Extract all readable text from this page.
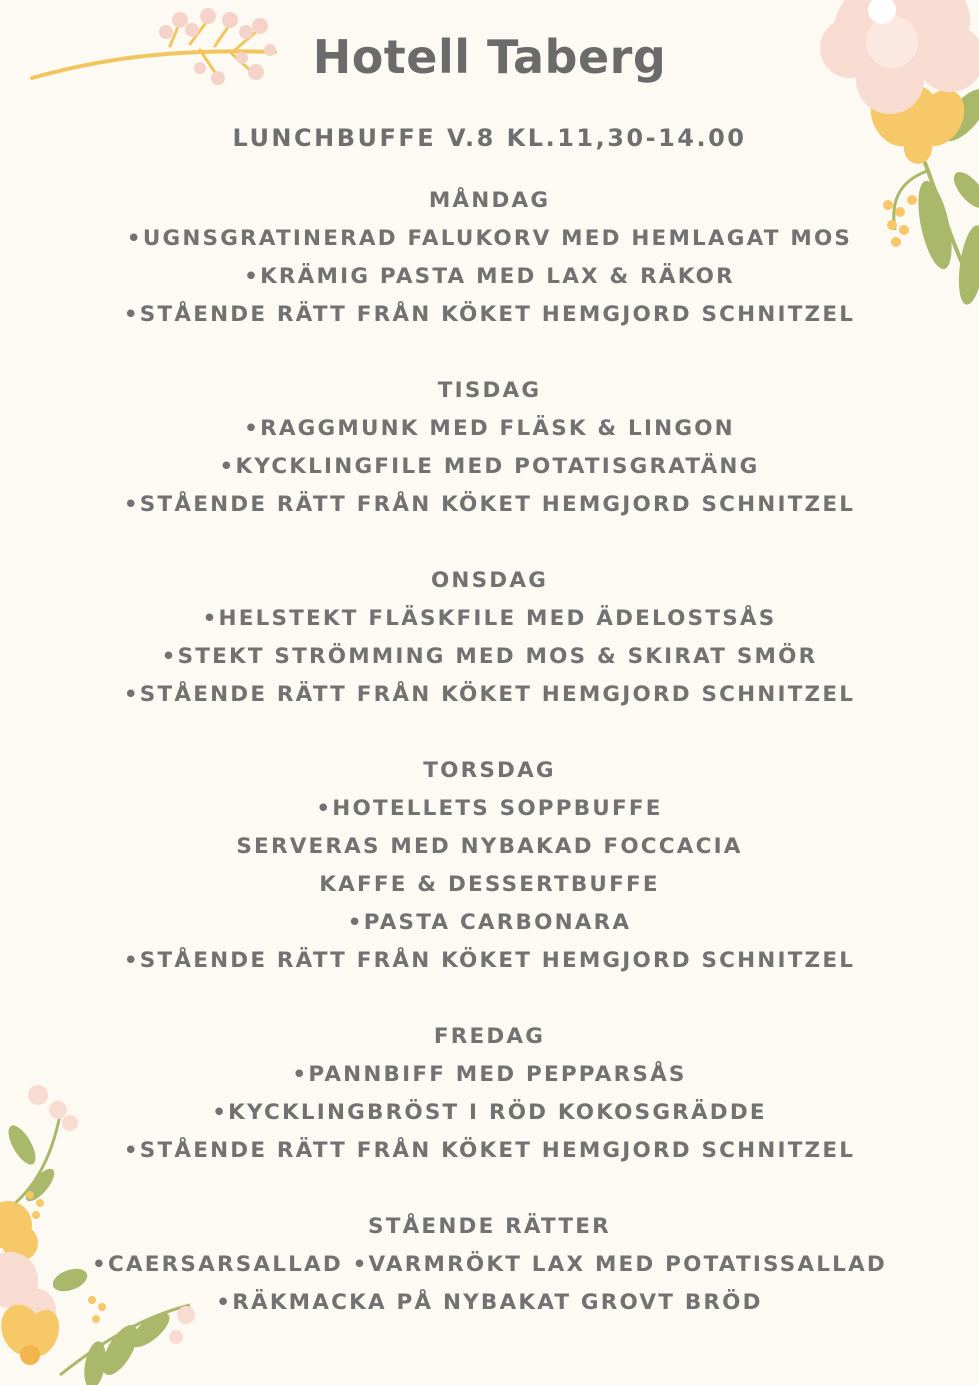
Hotell Taberg
LUNCHBUFFE V.8 KL.11,30-14.00
MÅNDAG
•UGNSGRATINERAD FALUKORV MED HEMLAGAT MOS
•KRÄMIG PASTA MED LAX & RÄKOR
•STÅENDE RÄTT FRÅN KÖKET HEMGJORD SCHNITZEL
TISDAG
•RAGGMUNK MED FLÄSK & LINGON
•KYCKLINGFILE MED POTATISGRATÄNG
•STÅENDE RÄTT FRÅN KÖKET HEMGJORD SCHNITZEL
ONSDAG
•HELSTEKT FLÄSKFILE MED ÄDELOSTSÅS
•STEKT STRÖMMING MED MOS & SKIRAT SMÖR
•STÅENDE RÄTT FRÅN KÖKET HEMGJORD SCHNITZEL
TORSDAG
•HOTELLETS SOPPBUFFE
SERVERAS MED NYBAKAD FOCCACIA
KAFFE & DESSERTBUFFE
•PASTA CARBONARA
•STÅENDE RÄTT FRÅN KÖKET HEMGJORD SCHNITZEL
FREDAG
•PANNBIFF MED PEPPARSÅS
•KYCKLINGBRÖST I RÖD KOKOSGRÄDDE
•STÅENDE RÄTT FRÅN KÖKET HEMGJORD SCHNITZEL
STÅENDE RÄTTER
•CAERSARSALLAD •VARMRÖKT LAX MED POTATISSALLAD
•RÄKMACKA PÅ NYBAKAT GROVT BRÖD
